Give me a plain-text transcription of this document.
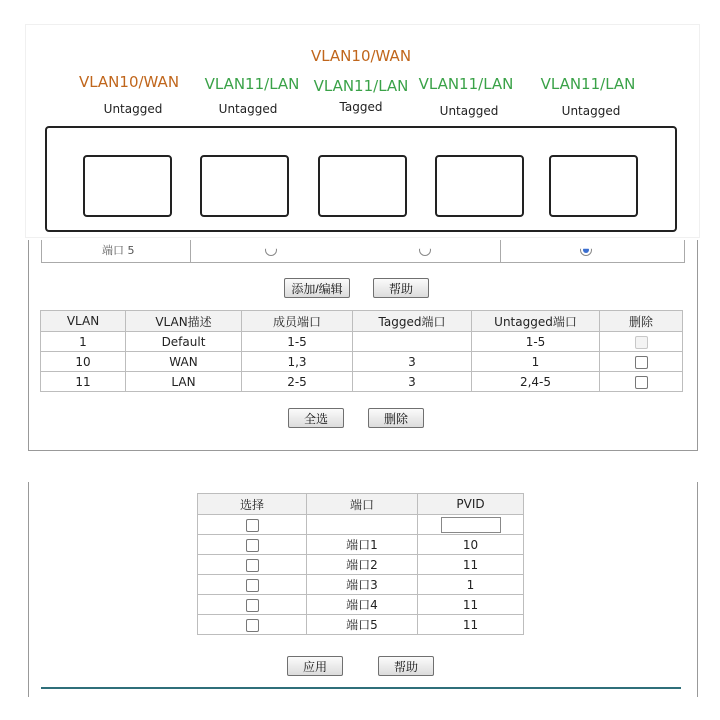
VLAN10/WAN
Untagged
VLAN11/LAN
Untagged
VLAN10/WAN
VLAN11/LAN
Tagged
VLAN11/LAN
Untagged
VLAN11/LAN
Untagged
端口 5
添加/编辑	帮助
VLAN	VLAN描述	成员端口	Tagged端口	Untagged端口	删除
1	Default	1-5		1-5	
10	WAN	1,3	3	1	
11	LAN	2-5	3	2,4-5	
全选	删除
选择	端口	PVID

	端口1	10
	端口2	11
	端口3	1
	端口4	11
	端口5	11
应用	帮助
